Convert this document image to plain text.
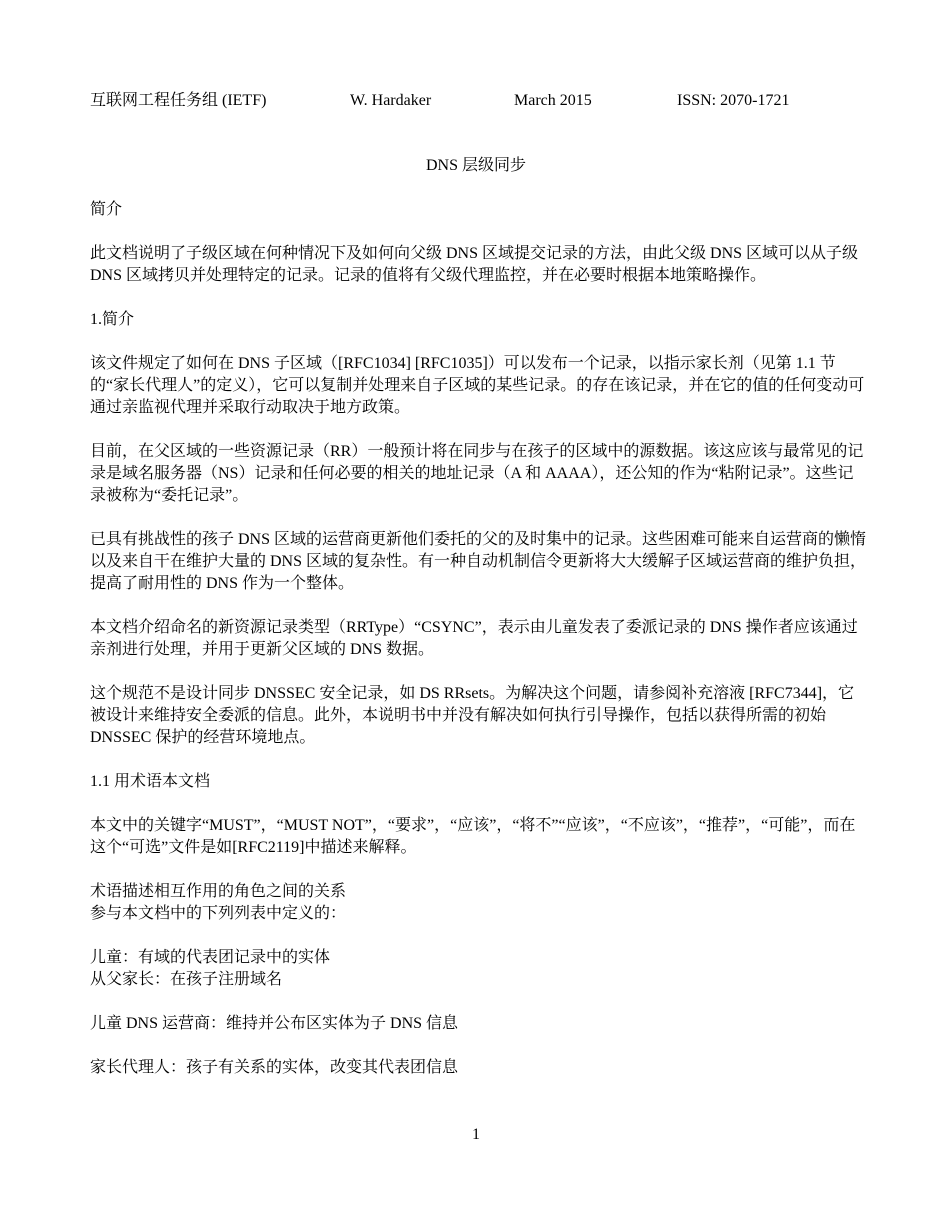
互联网工程任务组 (IETF)	W. Hardaker	March 2015	ISSN: 2070-1721
DNS 层级同步

简介

此文档说明了子级区域在何种情况下及如何向父级 DNS 区域提交记录的方法，由此父级 DNS 区域可以从子级 DNS 区域拷贝并处理特定的记录。记录的值将有父级代理监控，并在必要时根据本地策略操作。

1.简介

该文件规定了如何在 DNS 子区域（[RFC1034] [RFC1035]）可以发布一个记录，以指示家长剂（见第 1.1 节的“家长代理人”的定义），它可以复制并处理来自子区域的某些记录。的存在该记录，并在它的值的任何变动可通过亲监视代理并采取行动取决于地方政策。

目前，在父区域的一些资源记录（RR）一般预计将在同步与在孩子的区域中的源数据。该这应该与最常见的记录是域名服务器（NS）记录和任何必要的相关的地址记录（A 和 AAAA），还公知的作为“粘附记录”。这些记录被称为“委托记录”。

已具有挑战性的孩子 DNS 区域的运营商更新他们委托的父的及时集中的记录。这些困难可能来自运营商的懒惰以及来自干在维护大量的 DNS 区域的复杂性。有一种自动机制信令更新将大大缓解子区域运营商的维护负担，提高了耐用性的 DNS 作为一个整体。

本文档介绍命名的新资源记录类型（RRType）“CSYNC”，表示由儿童发表了委派记录的 DNS 操作者应该通过亲剂进行处理，并用于更新父区域的 DNS 数据。

这个规范不是设计同步 DNSSEC 安全记录，如 DS RRsets。为解决这个问题，请参阅补充溶液 [RFC7344]，它被设计来维持安全委派的信息。此外，本说明书中并没有解决如何执行引导操作，包括以获得所需的初始 DNSSEC 保护的经营环境地点。

1.1 用术语本文档

本文中的关键字“MUST”，“MUST NOT”，“要求”，“应该”，“将不”“应该”，“不应该”，“推荐”，“可能”，而在这个“可选”文件是如[RFC2119]中描述来解释。

术语描述相互作用的角色之间的关系

参与本文档中的下列列表中定义的：

儿童：有域的代表团记录中的实体

从父家长：在孩子注册域名

儿童 DNS 运营商：维持并公布区实体为子 DNS 信息

家长代理人：孩子有关系的实体，改变其代表团信息

1
